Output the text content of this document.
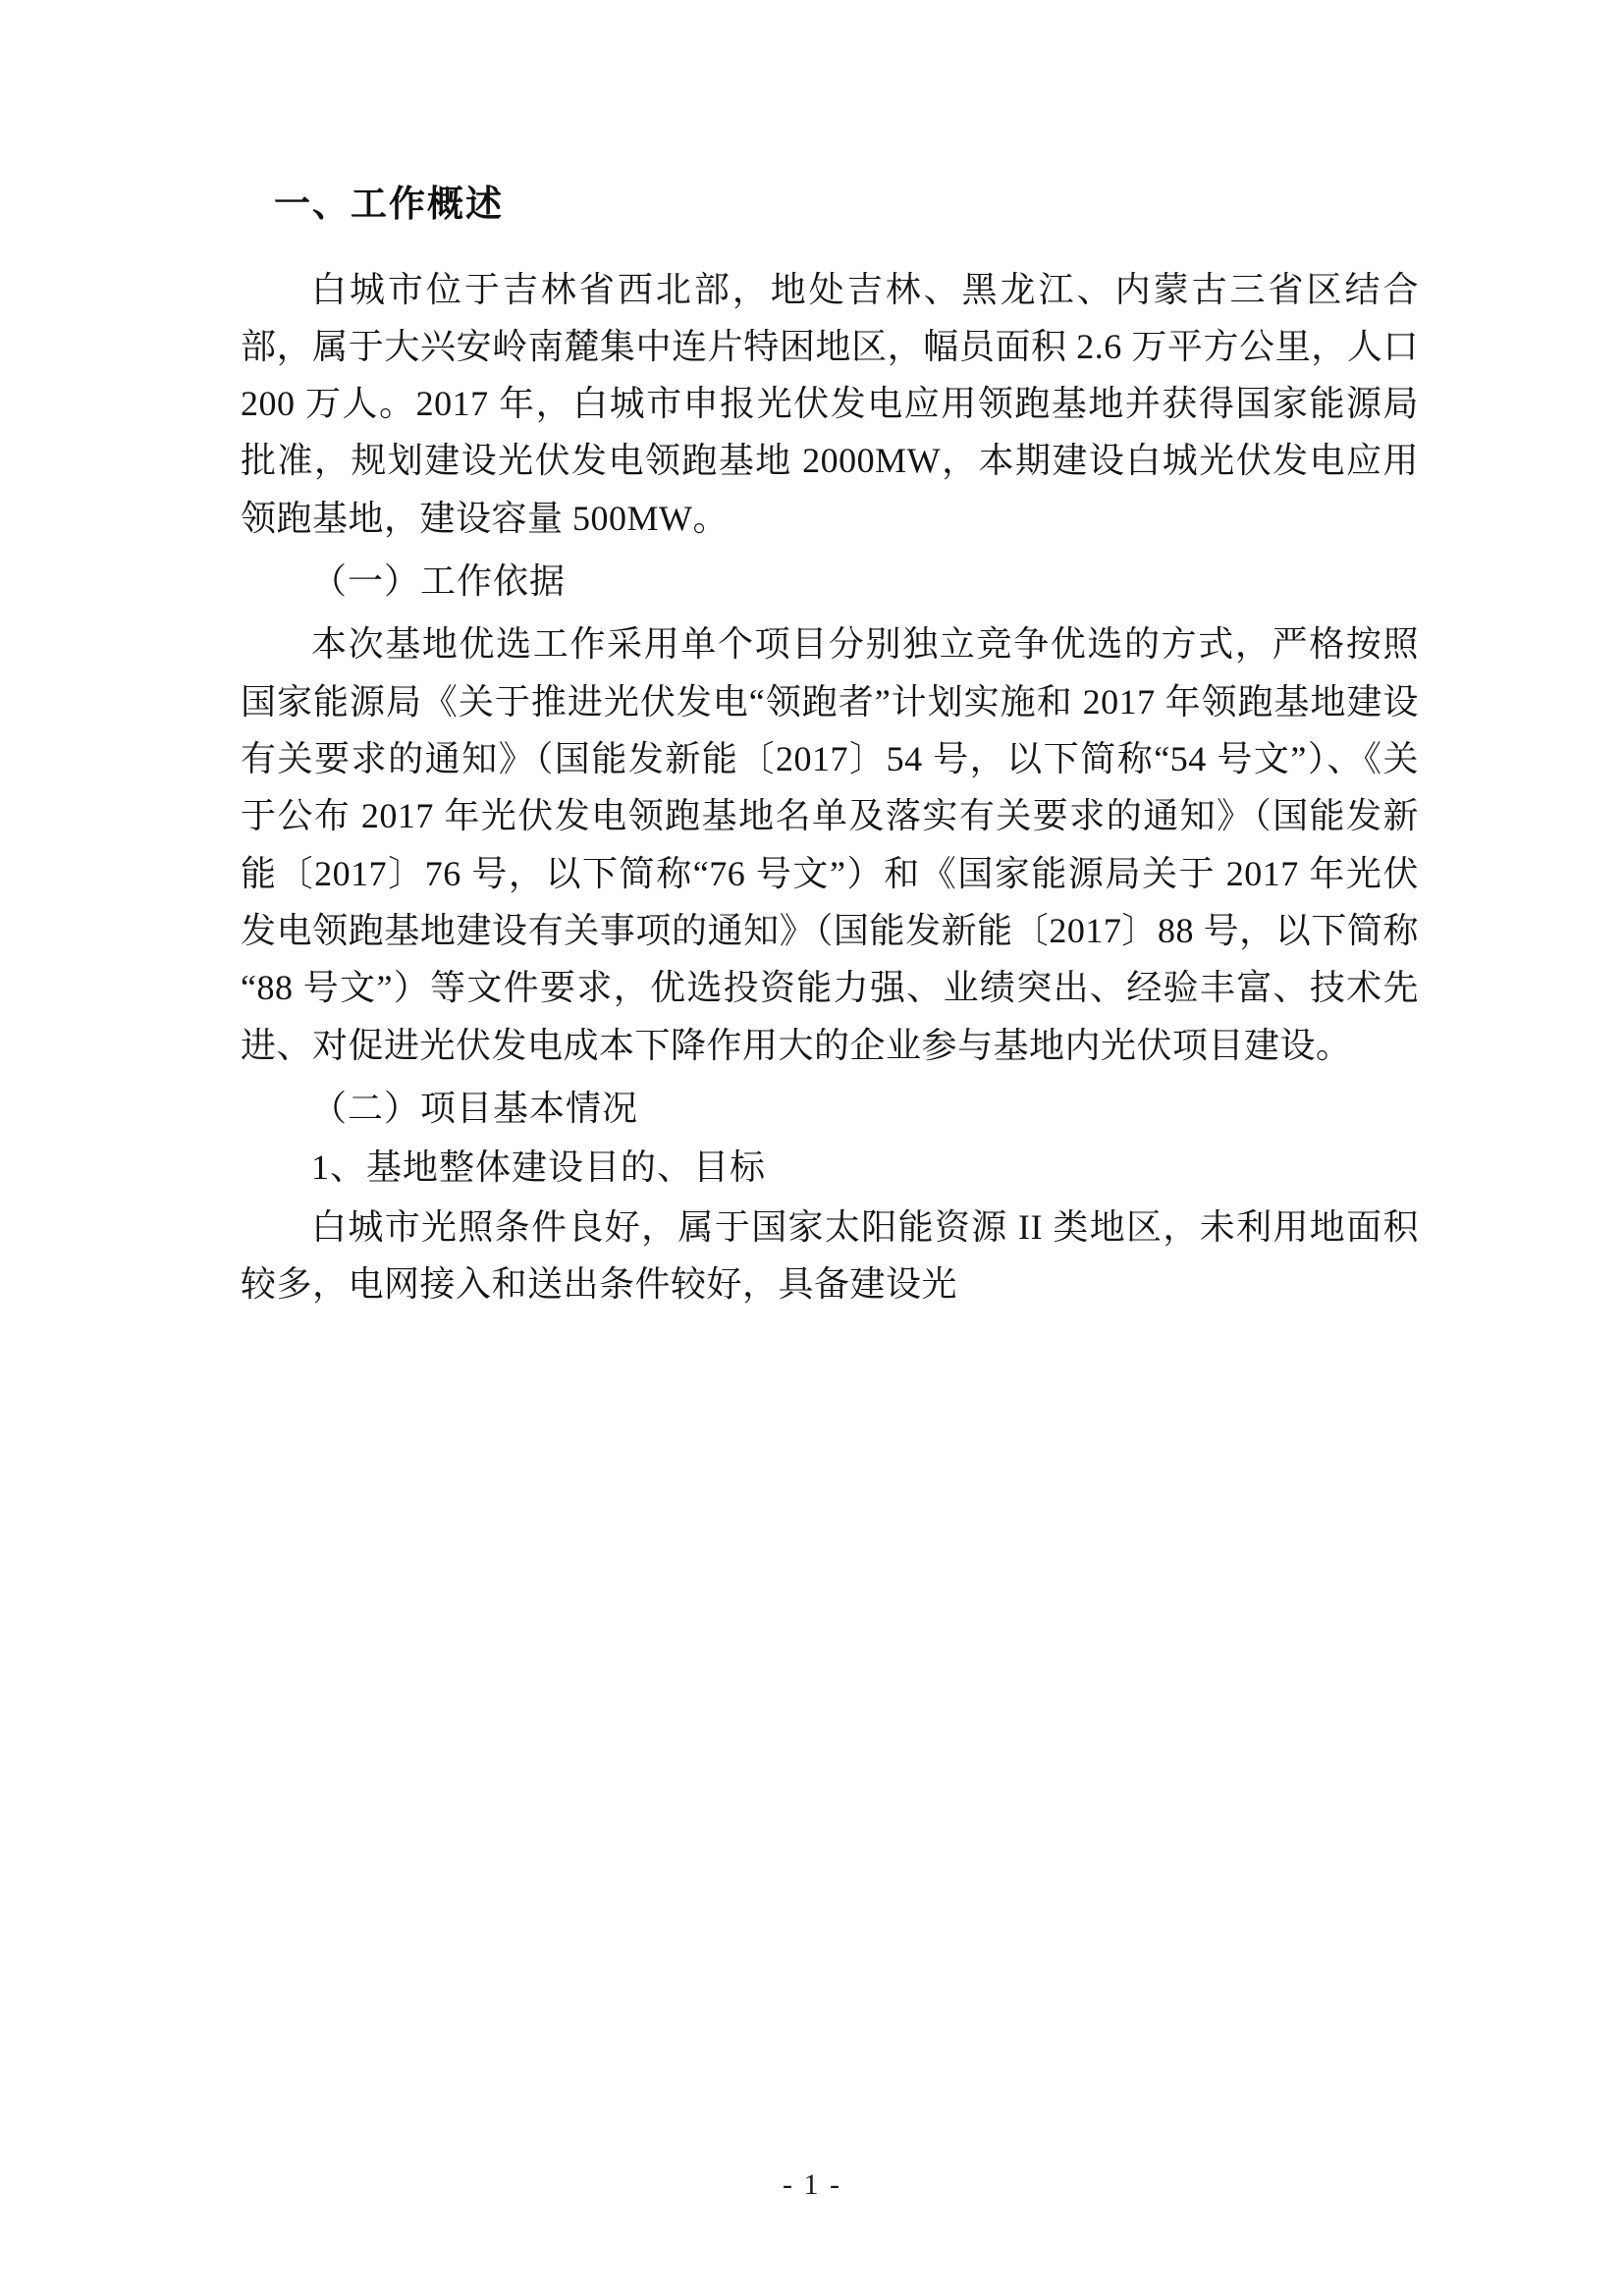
一、工作概述

白城市位于吉林省西北部，地处吉林、黑龙江、内蒙古三省区结合部，属于大兴安岭南麓集中连片特困地区，幅员面积 2.6 万平方公里，人口 200 万人。2017 年，白城市申报光伏发电应用领跑基地并获得国家能源局批准，规划建设光伏发电领跑基地 2000MW，本期建设白城光伏发电应用领跑基地，建设容量 500MW。

（一）工作依据

本次基地优选工作采用单个项目分别独立竞争优选的方式，严格按照国家能源局《关于推进光伏发电“领跑者”计划实施和 2017 年领跑基地建设有关要求的通知》（国能发新能〔2017〕54 号，以下简称“54 号文”）、《关于公布 2017 年光伏发电领跑基地名单及落实有关要求的通知》（国能发新能〔2017〕76 号，以下简称“76 号文”）和《国家能源局关于 2017 年光伏发电领跑基地建设有关事项的通知》（国能发新能〔2017〕88 号，以下简称“88 号文”）等文件要求，优选投资能力强、业绩突出、经验丰富、技术先进、对促进光伏发电成本下降作用大的企业参与基地内光伏项目建设。

（二）项目基本情况

1、基地整体建设目的、目标

白城市光照条件良好，属于国家太阳能资源 II 类地区，未利用地面积较多，电网接入和送出条件较好，具备建设光

- 1 -
